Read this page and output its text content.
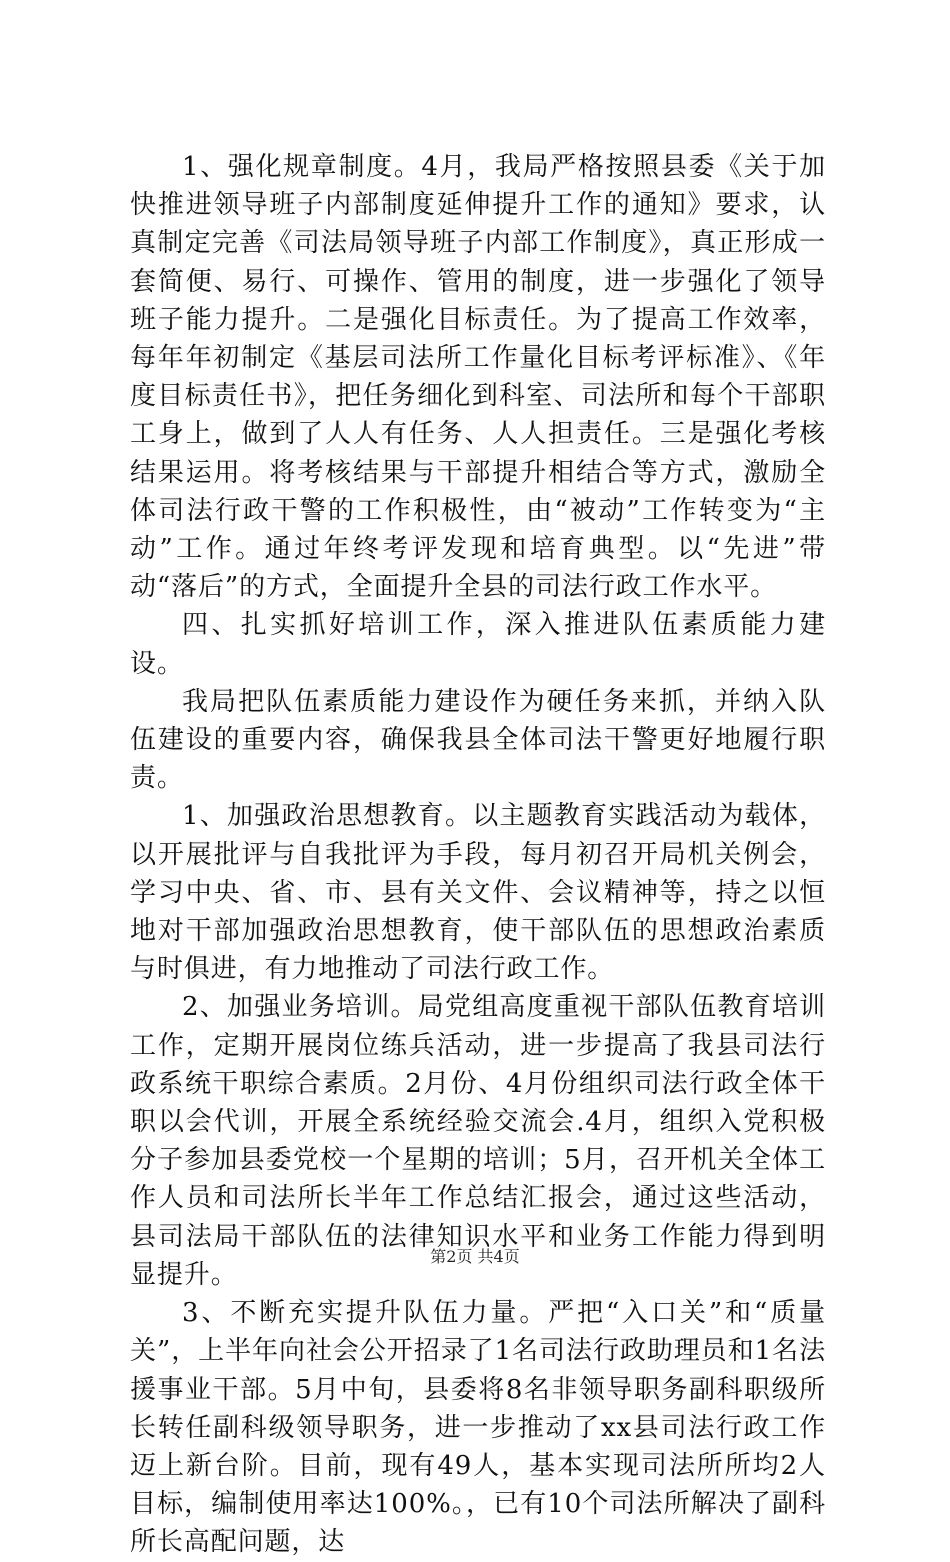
1、强化规章制度。4月，我局严格按照县委《关于加快推进领导班子内部制度延伸提升工作的通知》要求，认真制定完善《司法局领导班子内部工作制度》，真正形成一套简便、易行、可操作、管用的制度，进一步强化了领导班子能力提升。二是强化目标责任。为了提高工作效率，每年年初制定《基层司法所工作量化目标考评标准》、《年度目标责任书》，把任务细化到科室、司法所和每个干部职工身上，做到了人人有任务、人人担责任。三是强化考核结果运用。将考核结果与干部提升相结合等方式，激励全体司法行政干警的工作积极性，由“被动”工作转变为“主动”工作。通过年终考评发现和培育典型。以“先进”带动“落后”的方式，全面提升全县的司法行政工作水平。

四、扎实抓好培训工作，深入推进队伍素质能力建设。

我局把队伍素质能力建设作为硬任务来抓，并纳入队伍建设的重要内容，确保我县全体司法干警更好地履行职责。

1、加强政治思想教育。以主题教育实践活动为载体，以开展批评与自我批评为手段，每月初召开局机关例会，学习中央、省、市、县有关文件、会议精神等，持之以恒地对干部加强政治思想教育，使干部队伍的思想政治素质与时俱进，有力地推动了司法行政工作。

2、加强业务培训。局党组高度重视干部队伍教育培训工作，定期开展岗位练兵活动，进一步提高了我县司法行政系统干职综合素质。2月份、4月份组织司法行政全体干职以会代训，开展全系统经验交流会.4月，组织入党积极分子参加县委党校一个星期的培训；5月，召开机关全体工作人员和司法所长半年工作总结汇报会，通过这些活动，县司法局干部队伍的法律知识水平和业务工作能力得到明显提升。

3、不断充实提升队伍力量。严把“入口关”和“质量关”，上半年向社会公开招录了1名司法行政助理员和1名法援事业干部。5月中旬，县委将8名非领导职务副科职级所长转任副科级领导职务，进一步推动了xx县司法行政工作迈上新台阶。目前，现有49人，基本实现司法所所均2人目标，编制使用率达100%。，已有10个司法所解决了副科所长高配问题，达

第2页 共4页
